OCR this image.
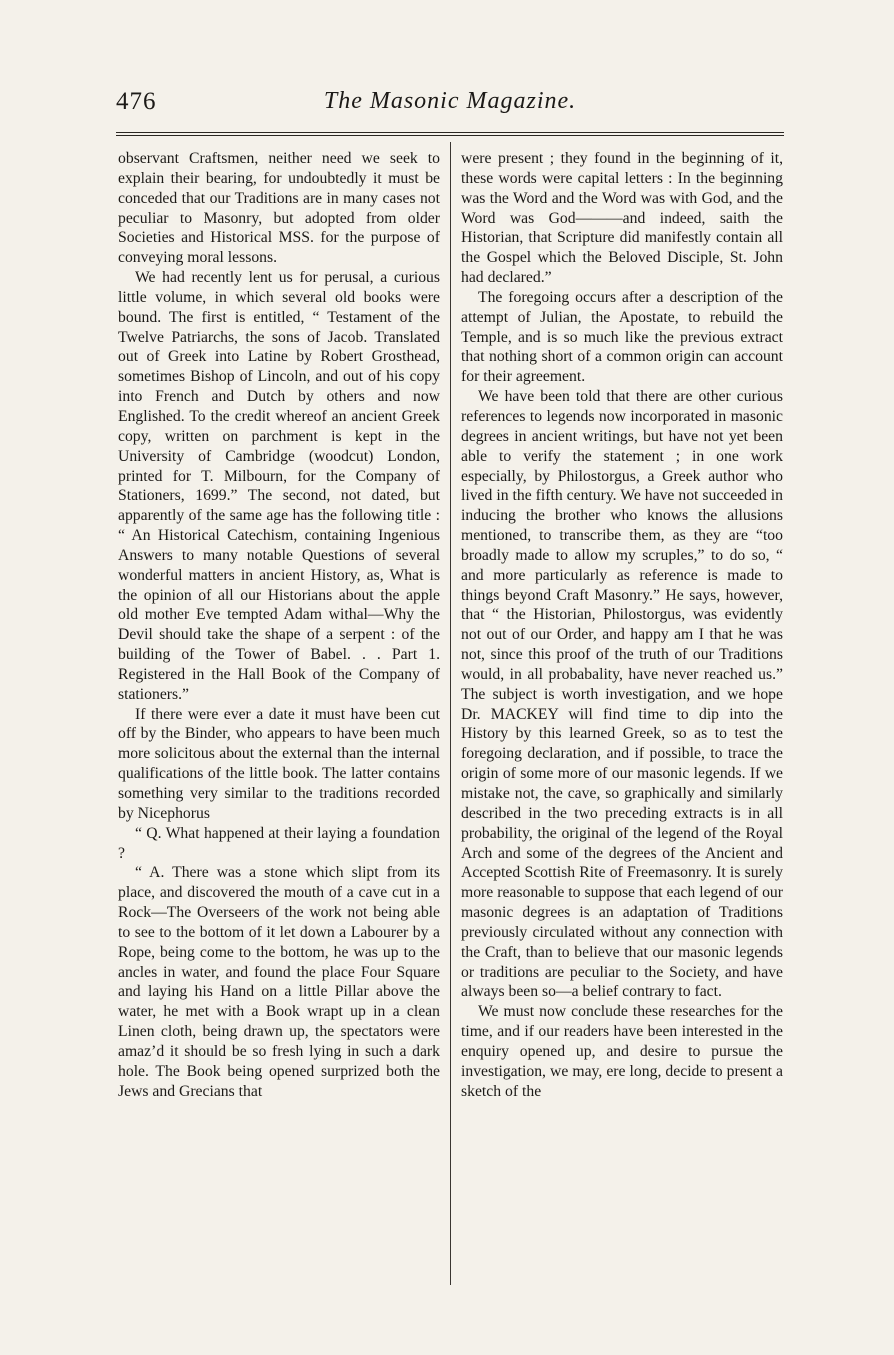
476	The Masonic Magazine.

observant Craftsmen, neither need we seek to explain their bearing, for undoubtedly it must be conceded that our Traditions are in many cases not peculiar to Masonry, but adopted from older Societies and Historical MSS. for the purpose of conveying moral lessons.

We had recently lent us for perusal, a curious little volume, in which several old books were bound. The first is entitled, “ Testament of the Twelve Patriarchs, the sons of Jacob. Translated out of Greek into Latine by Robert Grosthead, sometimes Bishop of Lincoln, and out of his copy into French and Dutch by others and now Englished. To the credit whereof an ancient Greek copy, written on parchment is kept in the University of Cambridge (woodcut) London, printed for T. Milbourn, for the Company of Stationers, 1699.” The second, not dated, but apparently of the same age has the following title : “ An Historical Catechism, containing Ingenious Answers to many notable Questions of several wonderful matters in ancient History, as, What is the opinion of all our Historians about the apple old mother Eve tempted Adam withal—Why the Devil should take the shape of a serpent : of the building of the Tower of Babel. . . Part 1. Registered in the Hall Book of the Company of stationers.”

If there were ever a date it must have been cut off by the Binder, who appears to have been much more solicitous about the external than the internal qualifications of the little book. The latter contains something very similar to the traditions recorded by Nicephorus

“ Q. What happened at their laying a foundation ?

“ A. There was a stone which slipt from its place, and discovered the mouth of a cave cut in a Rock—The Overseers of the work not being able to see to the bottom of it let down a Labourer by a Rope, being come to the bottom, he was up to the ancles in water, and found the place Four Square and laying his Hand on a little Pillar above the water, he met with a Book wrapt up in a clean Linen cloth, being drawn up, the spectators were amaz’d it should be so fresh lying in such a dark hole. The Book being opened surprized both the Jews and Grecians that

were present ; they found in the beginning of it, these words were capital letters : In the beginning was the Word and the Word was with God, and the Word was God———and indeed, saith the Historian, that Scripture did manifestly contain all the Gospel which the Beloved Disciple, St. John had declared.”

The foregoing occurs after a description of the attempt of Julian, the Apostate, to rebuild the Temple, and is so much like the previous extract that nothing short of a common origin can account for their agreement.

We have been told that there are other curious references to legends now incorporated in masonic degrees in ancient writings, but have not yet been able to verify the statement ; in one work especially, by Philostorgus, a Greek author who lived in the fifth century. We have not succeeded in inducing the brother who knows the allusions mentioned, to transcribe them, as they are “too broadly made to allow my scruples,” to do so, “ and more particularly as reference is made to things beyond Craft Masonry.” He says, however, that “ the Historian, Philostorgus, was evidently not out of our Order, and happy am I that he was not, since this proof of the truth of our Traditions would, in all probabality, have never reached us.” The subject is worth investigation, and we hope Dr. MACKEY will find time to dip into the History by this learned Greek, so as to test the foregoing declaration, and if possible, to trace the origin of some more of our masonic legends. If we mistake not, the cave, so graphically and similarly described in the two preceding extracts is in all probability, the original of the legend of the Royal Arch and some of the degrees of the Ancient and Accepted Scottish Rite of Freemasonry. It is surely more reasonable to suppose that each legend of our masonic degrees is an adaptation of Traditions previously circulated without any connection with the Craft, than to believe that our masonic legends or traditions are peculiar to the Society, and have always been so—a belief contrary to fact.

We must now conclude these researches for the time, and if our readers have been interested in the enquiry opened up, and desire to pursue the investigation, we may, ere long, decide to present a sketch of the
